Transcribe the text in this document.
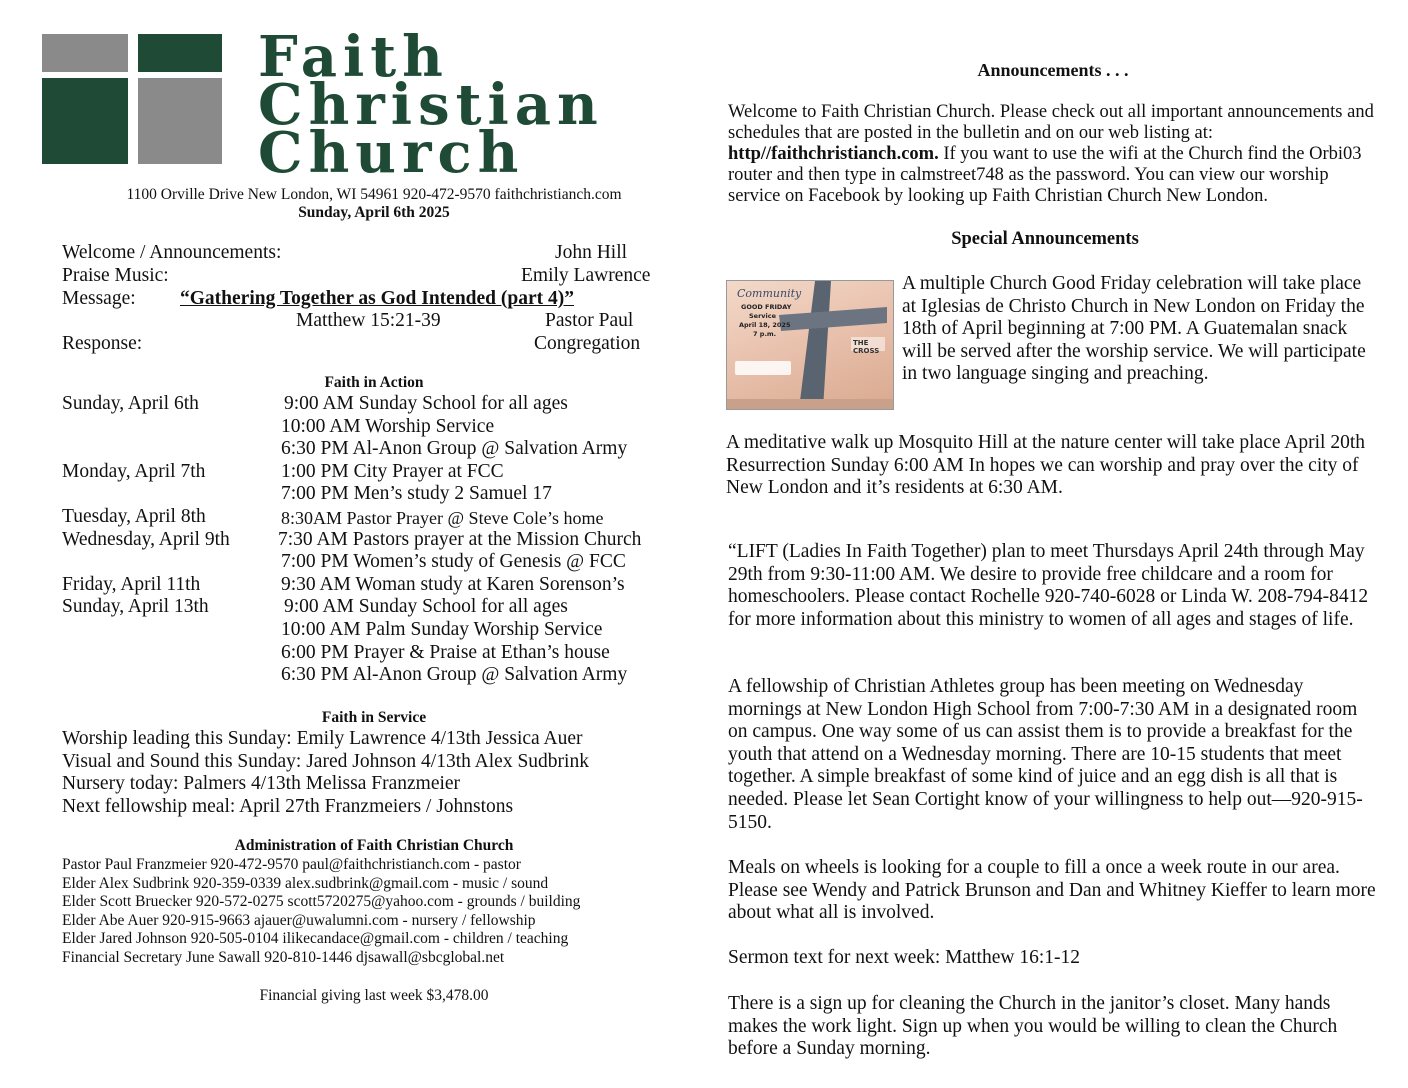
Faith
Christian
Church
1100 Orville Drive New London, WI 54961 920-472-9570 faithchristianch.com
Sunday, April 6th 2025
Welcome / Announcements:	John Hill
Praise Music:	Emily Lawrence
Message: “Gathering Together as God Intended (part 4)”
Matthew 15:21-39	Pastor Paul
Response:	Congregation
Faith in Action
Sunday, April 6th	9:00 AM Sunday School for all ages
10:00 AM Worship Service
6:30 PM Al-Anon Group @ Salvation Army
Monday, April 7th	1:00 PM City Prayer at FCC
7:00 PM Men’s study 2 Samuel 17
Tuesday, April 8th	8:30AM Pastor Prayer @ Steve Cole’s home
Wednesday, April 9th 7:30 AM Pastors prayer at the Mission Church
7:00 PM Women’s study of Genesis @ FCC
Friday, April 11th	9:30 AM Woman study at Karen Sorenson’s
Sunday, April 13th	9:00 AM Sunday School for all ages
10:00 AM Palm Sunday Worship Service
6:00 PM Prayer & Praise at Ethan’s house
6:30 PM Al-Anon Group @ Salvation Army
Faith in Service
Worship leading this Sunday: Emily Lawrence 4/13th Jessica Auer
Visual and Sound this Sunday: Jared Johnson 4/13th Alex Sudbrink
Nursery today: Palmers 4/13th Melissa Franzmeier
Next fellowship meal: April 27th Franzmeiers / Johnstons
Administration of Faith Christian Church
Pastor Paul Franzmeier 920-472-9570 paul@faithchristianch.com - pastor
Elder Alex Sudbrink 920-359-0339 alex.sudbrink@gmail.com - music / sound
Elder Scott Bruecker 920-572-0275 scott5720275@yahoo.com - grounds / building
Elder Abe Auer 920-915-9663 ajauer@uwalumni.com - nursery / fellowship
Elder Jared Johnson 920-505-0104 ilikecandace@gmail.com - children / teaching
Financial Secretary June Sawall 920-810-1446 djsawall@sbcglobal.net
Financial giving last week $3,478.00
Announcements . . .
Welcome to Faith Christian Church. Please check out all important announcements and schedules that are posted in the bulletin and on our web listing at: http//faithchristianch.com. If you want to use the wifi at the Church find the Orbi03 router and then type in calmstreet748 as the password. You can view our worship service on Facebook by looking up Faith Christian Church New London.
Special Announcements
Community
GOOD FRIDAY
Service
April 18, 2025
7 p.m.
THE CROSS
A multiple Church Good Friday celebration will take place at Iglesias de Christo Church in New London on Friday the 18th of April beginning at 7:00 PM. A Guatemalan snack will be served after the worship service. We will participate in two language singing and preaching.
A meditative walk up Mosquito Hill at the nature center will take place April 20th Resurrection Sunday 6:00 AM In hopes we can worship and pray over the city of New London and it’s residents at 6:30 AM.
“LIFT (Ladies In Faith Together) plan to meet Thursdays April 24th through May 29th from 9:30-11:00 AM. We desire to provide free childcare and a room for homeschoolers. Please contact Rochelle 920-740-6028 or Linda W. 208-794-8412 for more information about this ministry to women of all ages and stages of life.
A fellowship of Christian Athletes group has been meeting on Wednesday mornings at New London High School from 7:00-7:30 AM in a designated room on campus. One way some of us can assist them is to provide a breakfast for the youth that attend on a Wednesday morning. There are 10-15 students that meet together. A simple breakfast of some kind of juice and an egg dish is all that is needed. Please let Sean Cortight know of your willingness to help out—920-915-5150.
Meals on wheels is looking for a couple to fill a once a week route in our area. Please see Wendy and Patrick Brunson and Dan and Whitney Kieffer to learn more about what all is involved.
Sermon text for next week: Matthew 16:1-12
There is a sign up for cleaning the Church in the janitor’s closet. Many hands makes the work light. Sign up when you would be willing to clean the Church before a Sunday morning.
